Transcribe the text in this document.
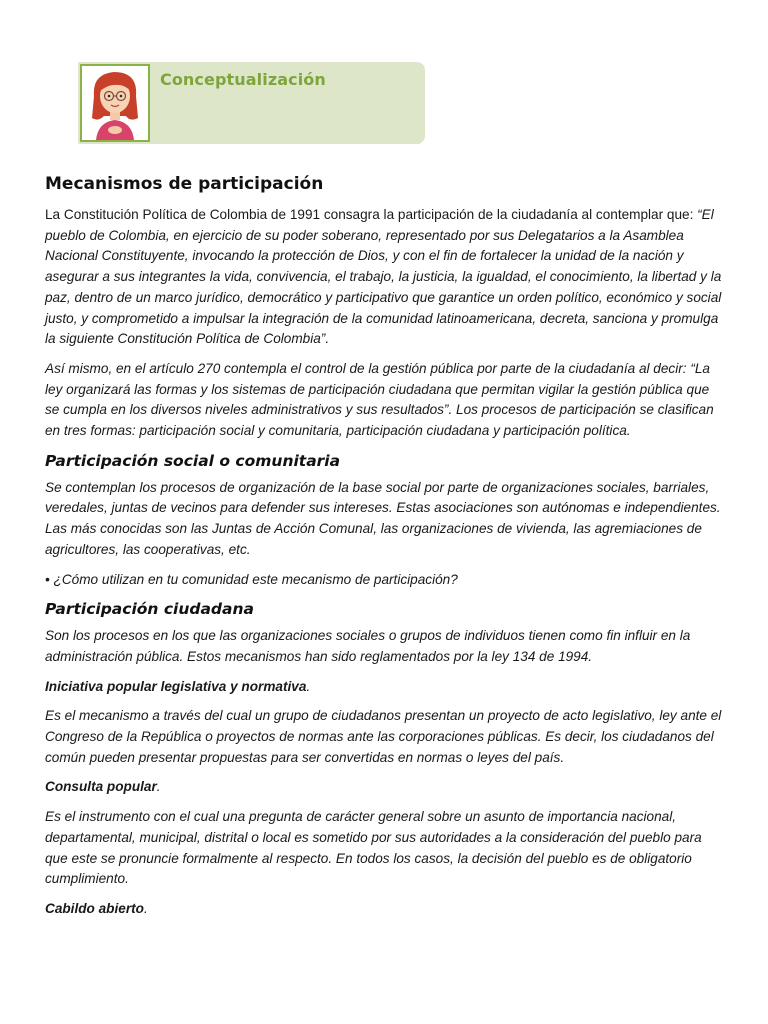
Conceptualización
Mecanismos de participación

La Constitución Política de Colombia de 1991 consagra la participación de la ciudadanía al contemplar que: “El pueblo de Colombia, en ejercicio de su poder soberano, representado por sus Delegatarios a la Asamblea Nacional Constituyente, invocando la protección de Dios, y con el fin de fortalecer la unidad de la nación y asegurar a sus integrantes la vida, convivencia, el trabajo, la justicia, la igualdad, el conocimiento, la libertad y la paz, dentro de un marco jurídico, democrático y participativo que garantice un orden político, económico y social justo, y comprometido a impulsar la integración de la comunidad latinoamericana, decreta, sanciona y promulga la siguiente Constitución Política de Colombia”.

Así mismo, en el artículo 270 contempla el control de la gestión pública por parte de la ciudadanía al decir: “La ley organizará las formas y los sistemas de participación ciudadana que permitan vigilar la gestión pública que se cumpla en los diversos niveles administrativos y sus resultados”. Los procesos de participación se clasifican en tres formas: participación social y comunitaria, participación ciudadana y participación política.

Participación social o comunitaria

Se contemplan los procesos de organización de la base social por parte de organizaciones sociales, barriales, veredales, juntas de vecinos para defender sus intereses. Estas asociaciones son autónomas e independientes. Las más conocidas son las Juntas de Acción Comunal, las organizaciones de vivienda, las agremiaciones de agricultores, las cooperativas, etc.

• ¿Cómo utilizan en tu comunidad este mecanismo de participación?

Participación ciudadana

Son los procesos en los que las organizaciones sociales o grupos de individuos tienen como fin influir en la administración pública. Estos mecanismos han sido reglamentados por la ley 134 de 1994.

Iniciativa popular legislativa y normativa.

Es el mecanismo a través del cual un grupo de ciudadanos presentan un proyecto de acto legislativo, ley ante el Congreso de la República o proyectos de normas ante las corporaciones públicas. Es decir, los ciudadanos del común pueden presentar propuestas para ser convertidas en normas o leyes del país.

Consulta popular.

Es el instrumento con el cual una pregunta de carácter general sobre un asunto de importancia nacional, departamental, municipal, distrital o local es sometido por sus autoridades a la consideración del pueblo para que este se pronuncie formalmente al respecto. En todos los casos, la decisión del pueblo es de obligatorio cumplimiento.

Cabildo abierto.
